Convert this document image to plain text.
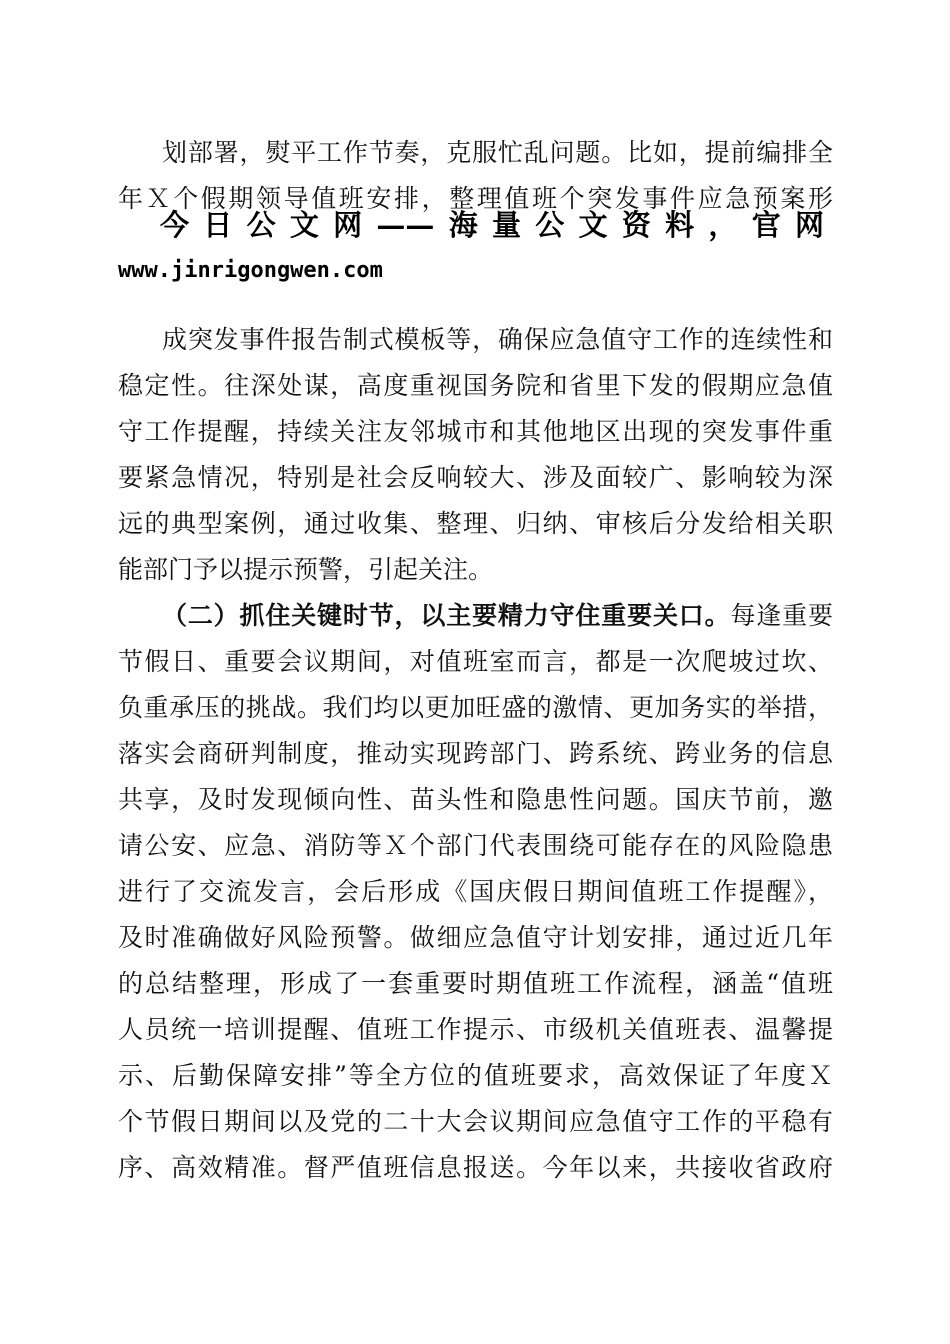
划部署，熨平工作节奏，克服忙乱问题。比如，提前编排全
年Ｘ个假期领导值班安排，整理值班个突发事件应急预案形
今日公文网——海量公文资料，官网
www.jinrigongwen.com
成突发事件报告制式模板等，确保应急值守工作的连续性和
稳定性。往深处谋，高度重视国务院和省里下发的假期应急值
守工作提醒，持续关注友邻城市和其他地区出现的突发事件重
要紧急情况，特别是社会反响较大、涉及面较广、影响较为深
远的典型案例，通过收集、整理、归纳、审核后分发给相关职
能部门予以提示预警，引起关注。
（二）抓住关键时节，以主要精力守住重要关口。每逢重要
节假日、重要会议期间，对值班室而言，都是一次爬坡过坎、
负重承压的挑战。我们均以更加旺盛的激情、更加务实的举措，
落实会商研判制度，推动实现跨部门、跨系统、跨业务的信息
共享，及时发现倾向性、苗头性和隐患性问题。国庆节前，邀
请公安、应急、消防等Ｘ个部门代表围绕可能存在的风险隐患
进行了交流发言，会后形成《国庆假日期间值班工作提醒》，
及时准确做好风险预警。做细应急值守计划安排，通过近几年
的总结整理，形成了一套重要时期值班工作流程，涵盖“值班
人员统一培训提醒、值班工作提示、市级机关值班表、温馨提
示、后勤保障安排”等全方位的值班要求，高效保证了年度Ｘ
个节假日期间以及党的二十大会议期间应急值守工作的平稳有
序、高效精准。督严值班信息报送。今年以来，共接收省政府
